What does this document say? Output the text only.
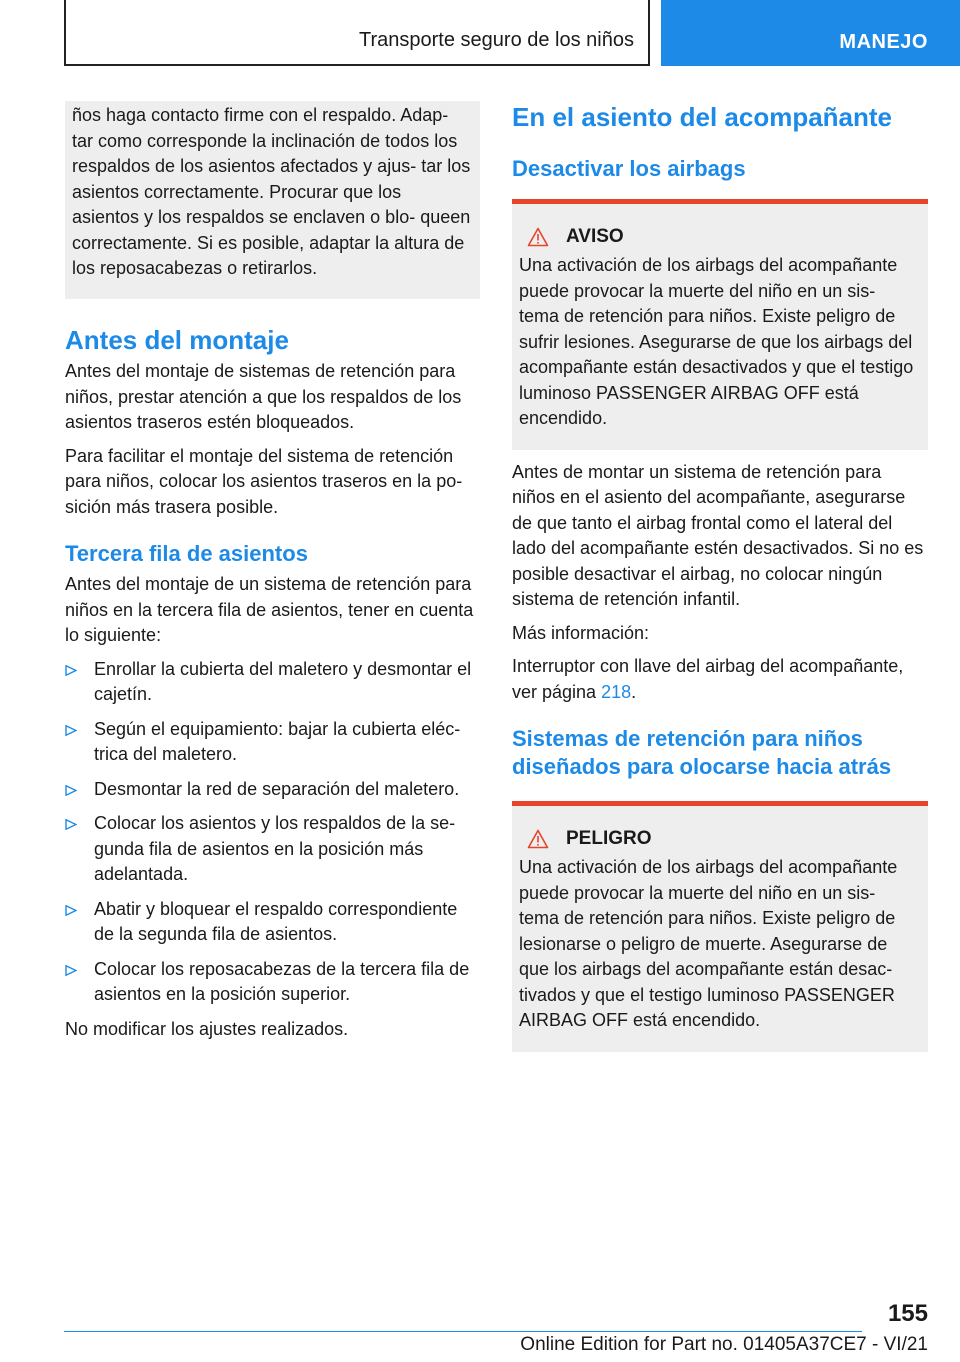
Transporte seguro de los niños	MANEJO

ños haga contacto firme con el respaldo. Adap‐ tar como corresponde la inclinación de todos los respaldos de los asientos afectados y ajus‐ tar los asientos correctamente. Procurar que los asientos y los respaldos se enclaven o blo‐ queen correctamente. Si es posible, adaptar la altura de los reposacabezas o retirarlos.

Antes del montaje

Antes del montaje de sistemas de retención para niños, prestar atención a que los respaldos de los asientos traseros estén bloqueados.

Para facilitar el montaje del sistema de retención para niños, colocar los asientos traseros en la po‐ sición más trasera posible.

Tercera fila de asientos

Antes del montaje de un sistema de retención para niños en la tercera fila de asientos, tener en cuenta lo siguiente:

Enrollar la cubierta del maletero y desmontar el cajetín.
Según el equipamiento: bajar la cubierta eléc‐ trica del maletero.
Desmontar la red de separación del maletero.
Colocar los asientos y los respaldos de la se‐ gunda fila de asientos en la posición más adelantada.
Abatir y bloquear el respaldo correspondiente de la segunda fila de asientos.
Colocar los reposacabezas de la tercera fila de asientos en la posición superior.

No modificar los ajustes realizados.

En el asiento del acompañante
Desactivar los airbags
AVISO

Una activación de los airbags del acompañante puede provocar la muerte del niño en un sis‐ tema de retención para niños. Existe peligro de sufrir lesiones. Asegurarse de que los airbags del acompañante están desactivados y que el testigo luminoso PASSENGER AIRBAG OFF está encendido.

Antes de montar un sistema de retención para niños en el asiento del acompañante, asegurarse de que tanto el airbag frontal como el lateral del lado del acompañante estén desactivados. Si no es posible desactivar el airbag, no colocar ningún sistema de retención infantil.

Más información:

Interruptor con llave del airbag del acompañante, ver página 218.

Sistemas de retención para niños diseñados para olocarse hacia atrás
PELIGRO

Una activación de los airbags del acompañante puede provocar la muerte del niño en un sis‐ tema de retención para niños. Existe peligro de lesionarse o peligro de muerte. Asegurarse de que los airbags del acompañante están desac‐ tivados y que el testigo luminoso PASSENGER AIRBAG OFF está encendido.

155
Online Edition for Part no. 01405A37CE7 - VI/21
